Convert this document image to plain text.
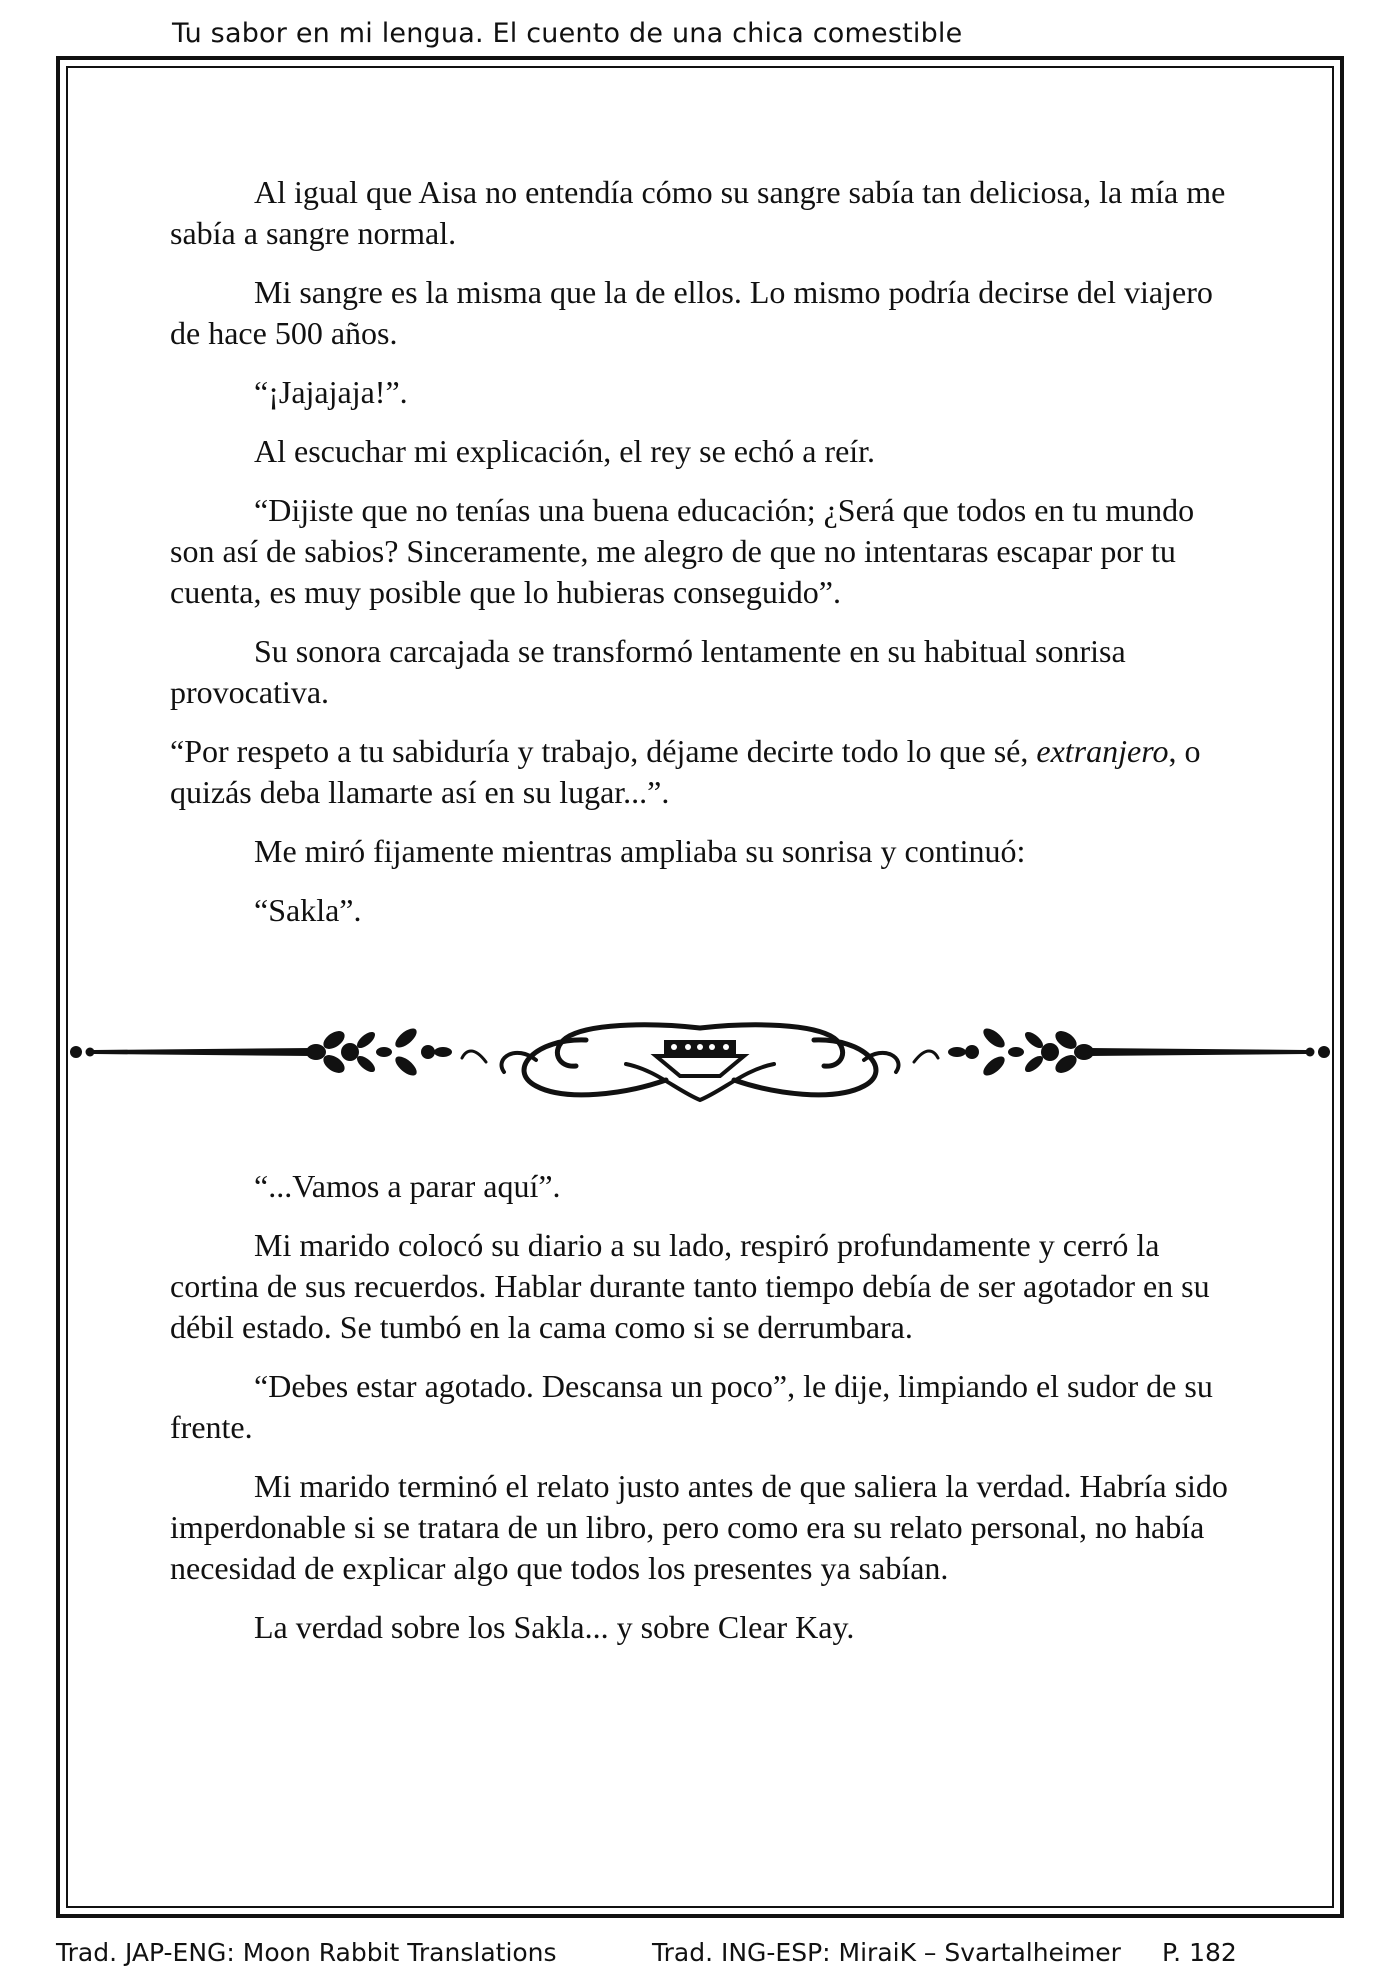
Tu sabor en mi lengua. El cuento de una chica comestible

Al igual que Aisa no entendía cómo su sangre sabía tan deliciosa, la mía me sabía a sangre normal.

Mi sangre es la misma que la de ellos. Lo mismo podría decirse del viajero de hace 500 años.

“¡Jajajaja!”.

Al escuchar mi explicación, el rey se echó a reír.

“Dijiste que no tenías una buena educación; ¿Será que todos en tu mundo son así de sabios? Sinceramente, me alegro de que no intentaras escapar por tu cuenta, es muy posible que lo hubieras conseguido”.

Su sonora carcajada se transformó lentamente en su habitual sonrisa provocativa.

“Por respeto a tu sabiduría y trabajo, déjame decirte todo lo que sé, extranjero, o quizás deba llamarte así en su lugar...”.

Me miró fijamente mientras ampliaba su sonrisa y continuó:

“Sakla”.

“...Vamos a parar aquí”.

Mi marido colocó su diario a su lado, respiró profundamente y cerró la cortina de sus recuerdos. Hablar durante tanto tiempo debía de ser agotador en su débil estado. Se tumbó en la cama como si se derrumbara.

“Debes estar agotado. Descansa un poco”, le dije, limpiando el sudor de su frente.

Mi marido terminó el relato justo antes de que saliera la verdad. Habría sido imperdonable si se tratara de un libro, pero como era su relato personal, no había necesidad de explicar algo que todos los presentes ya sabían.

La verdad sobre los Sakla... y sobre Clear Kay.

Trad. JAP-ENG: Moon Rabbit Translations	Trad. ING-ESP: MiraiK – Svartalheimer P. 182
